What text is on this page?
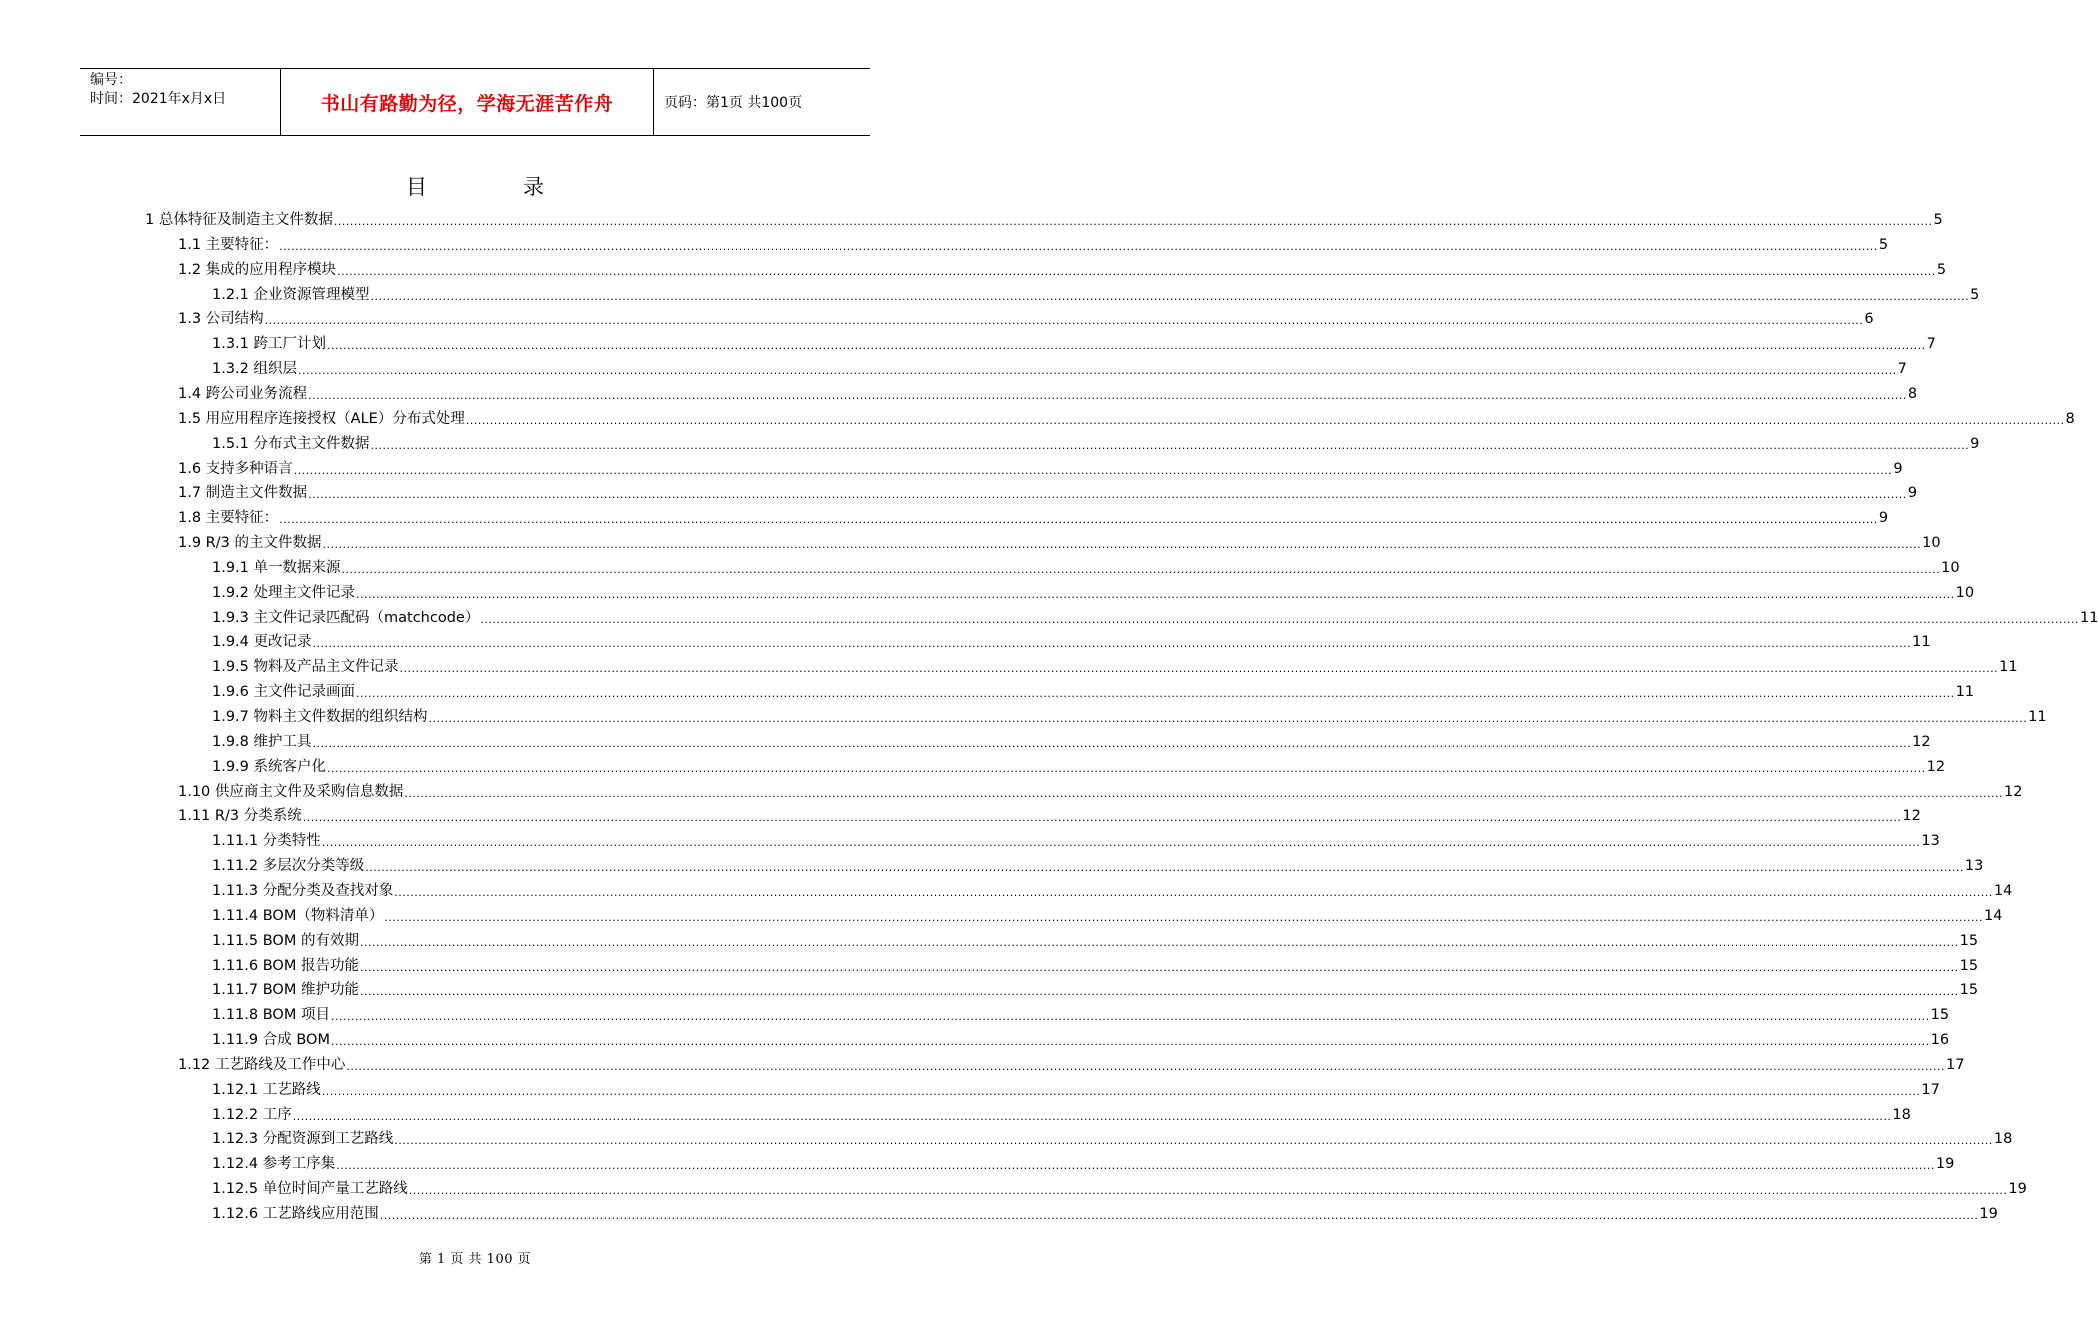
编号：
时间：2021年x月x日	书山有路勤为径，学海无涯苦作舟	页码：第1页 共100页
目	录
1 总体特征及制造主文件数据 ................................................................................................................................................................................................................................................................................................................................................................................................................ 5
1.1 主要特征： ................................................................................................................................................................................................................................................................................................................................................................................................................ 5
1.2 集成的应用程序模块 ................................................................................................................................................................................................................................................................................................................................................................................................................ 5
1.2.1 企业资源管理模型 ................................................................................................................................................................................................................................................................................................................................................................................................................ 5
1.3 公司结构 ................................................................................................................................................................................................................................................................................................................................................................................................................ 6
1.3.1 跨工厂计划 ................................................................................................................................................................................................................................................................................................................................................................................................................ 7
1.3.2 组织层 ................................................................................................................................................................................................................................................................................................................................................................................................................ 7
1.4 跨公司业务流程 ................................................................................................................................................................................................................................................................................................................................................................................................................ 8
1.5 用应用程序连接授权（ALE）分布式处理 ................................................................................................................................................................................................................................................................................................................................................................................................................ 8
1.5.1 分布式主文件数据 ................................................................................................................................................................................................................................................................................................................................................................................................................ 9
1.6 支持多种语言 ................................................................................................................................................................................................................................................................................................................................................................................................................ 9
1.7 制造主文件数据 ................................................................................................................................................................................................................................................................................................................................................................................................................ 9
1.8 主要特征： ................................................................................................................................................................................................................................................................................................................................................................................................................ 9
1.9 R/3 的主文件数据 ................................................................................................................................................................................................................................................................................................................................................................................................................ 10
1.9.1 单一数据来源 ................................................................................................................................................................................................................................................................................................................................................................................................................ 10
1.9.2 处理主文件记录 ................................................................................................................................................................................................................................................................................................................................................................................................................ 10
1.9.3 主文件记录匹配码（matchcode） ................................................................................................................................................................................................................................................................................................................................................................................................................ 11
1.9.4 更改记录 ................................................................................................................................................................................................................................................................................................................................................................................................................ 11
1.9.5 物料及产品主文件记录 ................................................................................................................................................................................................................................................................................................................................................................................................................ 11
1.9.6 主文件记录画面 ................................................................................................................................................................................................................................................................................................................................................................................................................ 11
1.9.7 物料主文件数据的组织结构 ................................................................................................................................................................................................................................................................................................................................................................................................................ 11
1.9.8 维护工具 ................................................................................................................................................................................................................................................................................................................................................................................................................ 12
1.9.9 系统客户化 ................................................................................................................................................................................................................................................................................................................................................................................................................ 12
1.10 供应商主文件及采购信息数据 ................................................................................................................................................................................................................................................................................................................................................................................................................ 12
1.11 R/3 分类系统 ................................................................................................................................................................................................................................................................................................................................................................................................................ 12
1.11.1 分类特性 ................................................................................................................................................................................................................................................................................................................................................................................................................ 13
1.11.2 多层次分类等级 ................................................................................................................................................................................................................................................................................................................................................................................................................ 13
1.11.3 分配分类及查找对象 ................................................................................................................................................................................................................................................................................................................................................................................................................ 14
1.11.4 BOM（物料清单） ................................................................................................................................................................................................................................................................................................................................................................................................................ 14
1.11.5 BOM 的有效期 ................................................................................................................................................................................................................................................................................................................................................................................................................ 15
1.11.6 BOM 报告功能 ................................................................................................................................................................................................................................................................................................................................................................................................................ 15
1.11.7 BOM 维护功能 ................................................................................................................................................................................................................................................................................................................................................................................................................ 15
1.11.8 BOM 项目 ................................................................................................................................................................................................................................................................................................................................................................................................................ 15
1.11.9 合成 BOM ................................................................................................................................................................................................................................................................................................................................................................................................................ 16
1.12 工艺路线及工作中心 ................................................................................................................................................................................................................................................................................................................................................................................................................ 17
1.12.1 工艺路线 ................................................................................................................................................................................................................................................................................................................................................................................................................ 17
1.12.2 工序 ................................................................................................................................................................................................................................................................................................................................................................................................................ 18
1.12.3 分配资源到工艺路线 ................................................................................................................................................................................................................................................................................................................................................................................................................ 18
1.12.4 参考工序集 ................................................................................................................................................................................................................................................................................................................................................................................................................ 19
1.12.5 单位时间产量工艺路线 ................................................................................................................................................................................................................................................................................................................................................................................................................ 19
1.12.6 工艺路线应用范围 ................................................................................................................................................................................................................................................................................................................................................................................................................ 19
第 1 页 共 100 页
